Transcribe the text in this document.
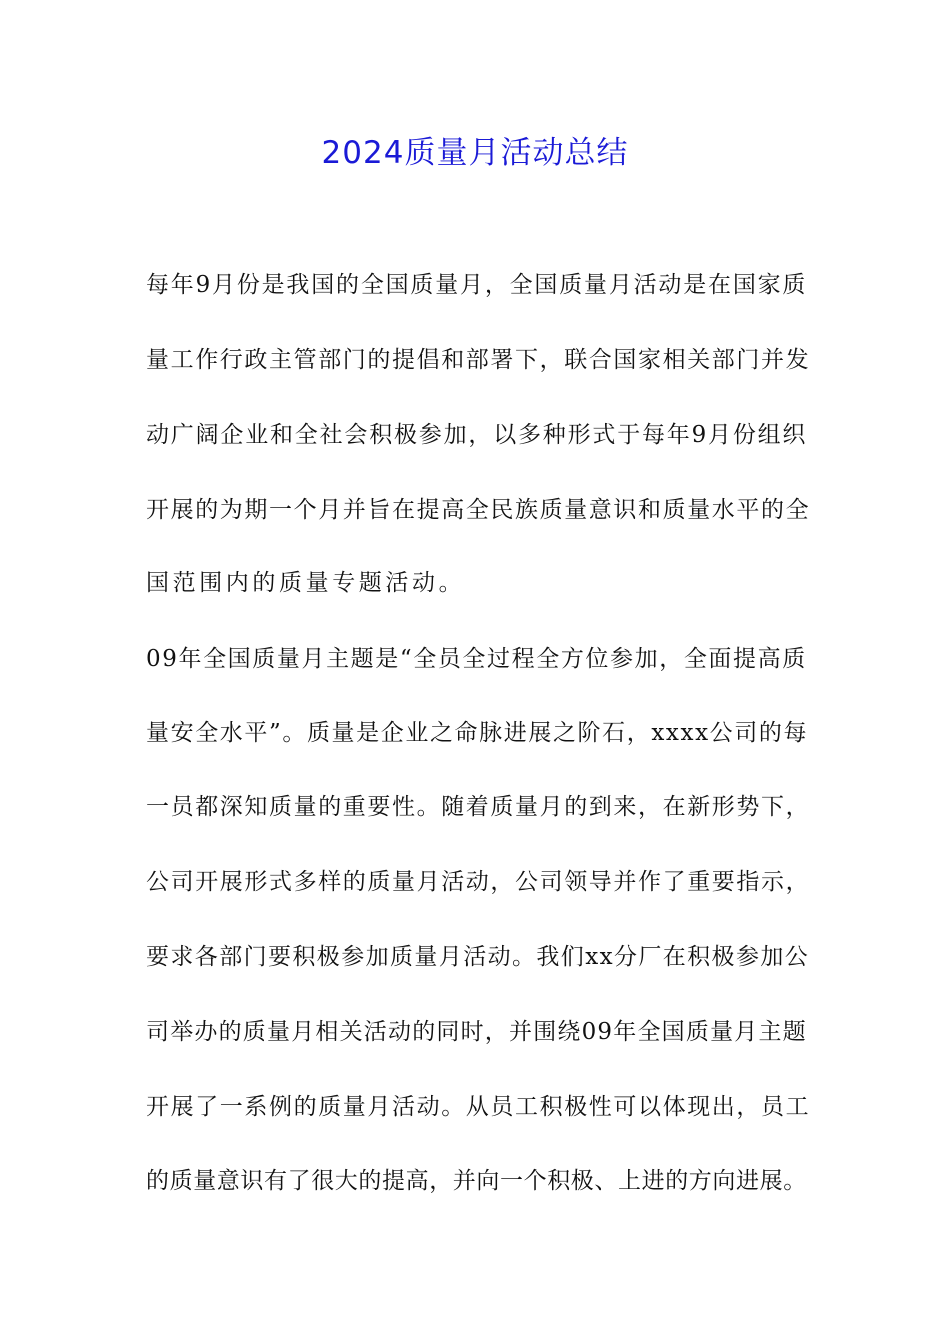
2024质量月活动总结
每年9月份是我国的全国质量月，全国质量月活动是在国家质
量工作行政主管部门的提倡和部署下，联合国家相关部门并发
动广阔企业和全社会积极参加，以多种形式于每年9月份组织
开展的为期一个月并旨在提高全民族质量意识和质量水平的全
国范围内的质量专题活动。
09年全国质量月主题是“全员全过程全方位参加，全面提高质
量安全水平”。质量是企业之命脉进展之阶石，xxxx公司的每
一员都深知质量的重要性。随着质量月的到来，在新形势下，
公司开展形式多样的质量月活动，公司领导并作了重要指示，
要求各部门要积极参加质量月活动。我们xx分厂在积极参加公
司举办的质量月相关活动的同时，并围绕09年全国质量月主题
开展了一系例的质量月活动。从员工积极性可以体现出，员工
的质量意识有了很大的提高，并向一个积极、上进的方向进展。
